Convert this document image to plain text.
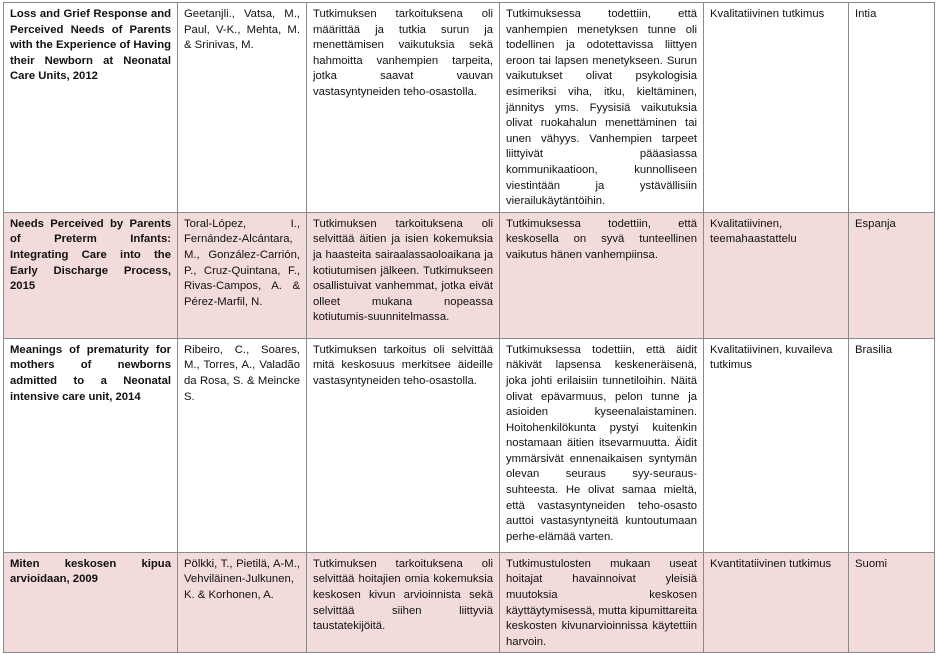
Loss and Grief Response and Perceived Needs of Parents with the Experience of Having their Newborn at Neonatal Care Units, 2012	Geetanjli., Vatsa, M., Paul, V-K., Mehta, M. & Srinivas, M.	Tutkimuksen tarkoituksena oli määrittää ja tutkia surun ja menettämisen vaikutuksia sekä hahmoitta vanhempien tarpeita, jotka saavat vauvan vastasyntyneiden teho-osastolla.	Tutkimuksessa todettiin, että vanhempien menetyksen tunne oli todellinen ja odotettavissa liittyen eroon tai lapsen menetykseen. Surun vaikutukset olivat psykologisia esimeriksi viha, itku, kieltäminen, jännitys yms. Fyysisiä vaikutuksia olivat ruokahalun menettäminen tai unen vähyys. Vanhempien tarpeet liittyivät pääasiassa kommunikaatioon, kunnolliseen viestintään ja ystävällisiin vierailukäytäntöihin.	Kvalitatiivinen tutkimus	Intia
Needs Perceived by Parents of Preterm Infants: Integrating Care into the Early Discharge Process, 2015	Toral-López, I., Fernández-Alcántara, M., González-Carrión, P., Cruz-Quintana, F., Rivas-Campos, A. & Pérez-Marfil, N.	Tutkimuksen tarkoituksena oli selvittää äitien ja isien kokemuksia ja haasteita sairaalassaoloaikana ja kotiutumisen jälkeen. Tutkimukseen osallistuivat vanhemmat, jotka eivät olleet mukana nopeassa kotiutumis-suunnitelmassa.	Tutkimuksessa todettiin, että keskosella on syvä tunteellinen vaikutus hänen vanhempiinsa.	Kvalitatiivinen, teemahaastattelu	Espanja
Meanings of prematurity for mothers of newborns admitted to a Neonatal intensive care unit, 2014	Ribeiro, C., Soares, M., Torres, A., Valadão da Rosa, S. & Meincke S.	Tutkimuksen tarkoitus oli selvittää mitä keskosuus merkitsee äideille vastasyntyneiden teho-osastolla.	Tutkimuksessa todettiin, että äidit näkivät lapsensa keskeneräisenä, joka johti erilaisiin tunnetiloihin. Näitä olivat epävarmuus, pelon tunne ja asioiden kyseenalaistaminen. Hoitohenkilökunta pystyi kuitenkin nostamaan äitien itsevarmuutta. Äidit ymmärsivät ennenaikaisen syntymän olevan seuraus syy-seuraus-suhteesta. He olivat samaa mieltä, että vastasyntyneiden teho-osasto auttoi vastasyntyneitä kuntoutumaan perhe-elämää varten.	Kvalitatiivinen, kuvaileva tutkimus	Brasilia
Miten keskosen kipua arvioidaan, 2009	Pölkki, T., Pietilä, A-M., Vehviläinen-Julkunen, K. & Korhonen, A.	Tutkimuksen tarkoituksena oli selvittää hoitajien omia kokemuksia keskosen kivun arvioinnista sekä selvittää siihen liittyviä taustatekijöitä.	Tutkimustulosten mukaan useat hoitajat havainnoivat yleisiä muutoksia keskosen käyttäytymisessä, mutta kipumittareita keskosten kivunarvioinnissa käytettiin harvoin.	Kvantitatiivinen tutkimus	Suomi
